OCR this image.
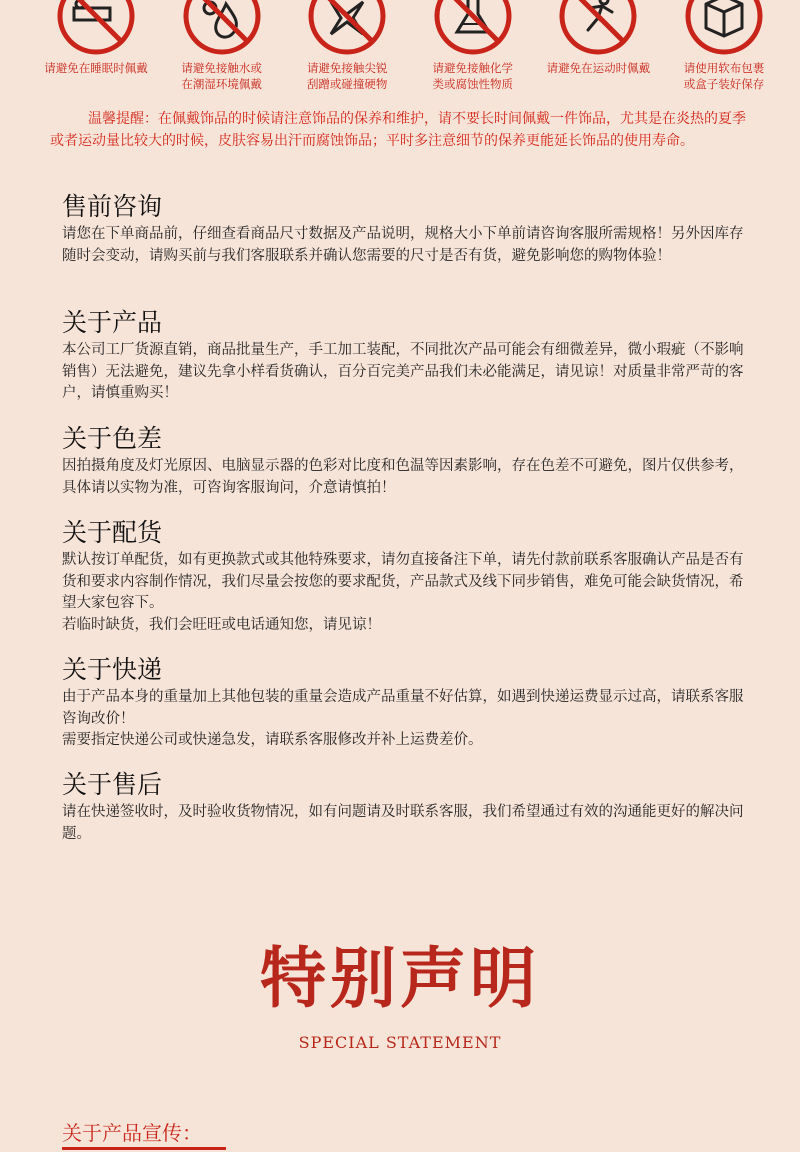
请避免在睡眠时佩戴	请避免接触水或
在潮湿环境佩戴
请避免接触尖锐
刮蹭或碰撞硬物
请避免接触化学
类或腐蚀性物质
请避免在运动时佩戴	请使用软布包裹
或盒子装好保存
温馨提醒：在佩戴饰品的时候请注意饰品的保养和维护，请不要长时间佩戴一件饰品，尤其是在炎热的夏季或者运动量比较大的时候，皮肤容易出汗而腐蚀饰品；平时多注意细节的保养更能延长饰品的使用寿命。
售前咨询

请您在下单商品前，仔细查看商品尺寸数据及产品说明，规格大小下单前请咨询客服所需规格！另外因库存随时会变动，请购买前与我们客服联系并确认您需要的尺寸是否有货，避免影响您的购物体验！

关于产品

本公司工厂货源直销，商品批量生产，手工加工装配，不同批次产品可能会有细微差异，微小瑕疵（不影响销售）无法避免，建议先拿小样看货确认，百分百完美产品我们未必能满足，请见谅！对质量非常严苛的客户，请慎重购买！

关于色差

因拍摄角度及灯光原因、电脑显示器的色彩对比度和色温等因素影响，存在色差不可避免，图片仅供参考，具体请以实物为准，可咨询客服询问，介意请慎拍！

关于配货

默认按订单配货，如有更换款式或其他特殊要求，请勿直接备注下单，请先付款前联系客服确认产品是否有货和要求内容制作情况，我们尽量会按您的要求配货，产品款式及线下同步销售，难免可能会缺货情况，希望大家包容下。

若临时缺货，我们会旺旺或电话通知您，请见谅！

关于快递

由于产品本身的重量加上其他包装的重量会造成产品重量不好估算，如遇到快递运费显示过高，请联系客服咨询改价！

需要指定快递公司或快递急发，请联系客服修改并补上运费差价。

关于售后

请在快递签收时，及时验收货物情况，如有问题请及时联系客服，我们希望通过有效的沟通能更好的解决问题。

特别声明
SPECIAL STATEMENT
关于产品宣传：
